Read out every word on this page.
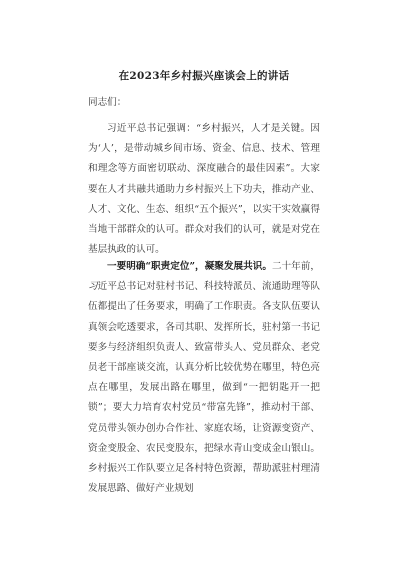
在2023年乡村振兴座谈会上的讲话
同志们：
习近平总书记强调：“乡村振兴，人才是关键。因为‘人’，是带动城乡间市场、资金、信息、技术、管理和理念等方面密切联动、深度融合的最佳因素”。大家要在人才共融共通助力乡村振兴上下功夫，推动产业、人才、文化、生态、组织“五个振兴”，以实干实效赢得当地干部群众的认可。群众对我们的认可，就是对党在基层执政的认可。
一要明确“职责定位”，凝聚发展共识。二十年前，习近平总书记对驻村书记、科技特派员、流通助理等队伍都提出了任务要求，明确了工作职责。各支队伍要认真领会吃透要求，各司其职、发挥所长，驻村第一书记要多与经济组织负责人、致富带头人、党员群众、老党员老干部座谈交流，认真分析比较优势在哪里，特色亮点在哪里，发展出路在哪里，做到“一把钥匙开一把锁”；要大力培育农村党员“带富先锋”，推动村干部、党员带头领办创办合作社、家庭农场，让资源变资产、资金变股金、农民变股东，把绿水青山变成金山银山。乡村振兴工作队要立足各村特色资源，帮助派驻村理清发展思路、做好产业规划
